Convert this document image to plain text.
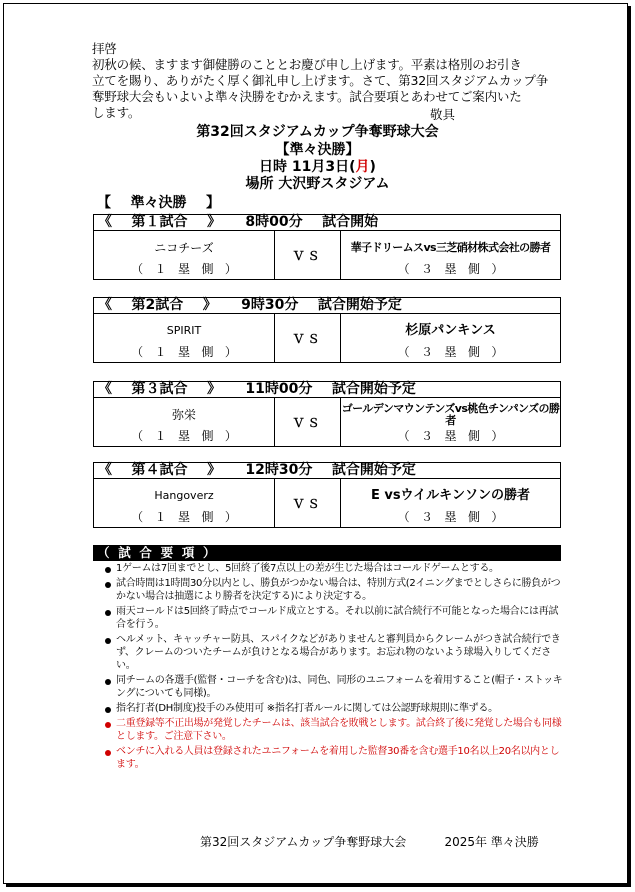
拝啓
初秋の候、ますます御健勝のこととお慶び申し上げます。平素は格別のお引き
立てを賜り、ありがたく厚く御礼申し上げます。さて、第32回スタジアムカップ争
奪野球大会もいよいよ準々決勝をむかえます。試合要項とあわせてご案内いた
します。	敬具
第32回スタジアムカップ争奪野球大会
【準々決勝】
日時 11月3日(月)
場所 大沢野スタジアム
【    準々決勝    】
《    第１試合    》     8時00分    試合開始
ニコチーズ
（   １   塁   側   ）
ＶＳ
華子ドリームスvs三芝硝材株式会社の勝者
（   ３   塁   側   ）
《    第2試合    》     9時30分    試合開始予定
SPIRIT
（   １   塁   側   ）
ＶＳ
杉原パンキンス
（   ３   塁   側   ）
《    第３試合    》     11時00分    試合開始予定
弥栄
（   １   塁   側   ）
ＶＳ
ゴールデンマウンテンズvs桃色チンパンズの勝者
（   ３   塁   側   ）
《    第４試合    》     12時30分    試合開始予定
Hangoverz
（   １   塁   側   ）
ＶＳ
E vsウイルキンソンの勝者
（   ３   塁   側   ）
（  試  合  要  項  ）
1ゲームは7回までとし、5回終了後7点以上の差が生じた場合はコールドゲームとする。
試合時間は1時間30分以内とし、勝負がつかない場合は、特別方式(2イニングまでとしさらに勝負がつかない場合は抽選により勝者を決定する)により決定する。
雨天コールドは5回終了時点でコールド成立とする。それ以前に試合続行不可能となった場合には再試合を行う。
ヘルメット、キャッチャー防具、スパイクなどがありませんと審判員からクレームがつき試合続行できず、クレームのついたチームが負けとなる場合があります。お忘れ物のないよう球場入りしてください。
同チームの各選手(監督・コーチを含む)は、同色、同形のユニフォームを着用すること(帽子・ストッキングについても同様)。
指名打者(DH制度)投手のみ使用可 ※指名打者ルールに関しては公認野球規則に準ずる。
二重登録等不正出場が発覚したチームは、該当試合を敗戦とします。試合終了後に発覚した場合も同様とします。ご注意下さい。
ベンチに入れる人員は登録されたユニフォームを着用した監督30番を含む選手10名以上20名以内とします。
第32回スタジアムカップ争奪野球大会          2025年 準々決勝
